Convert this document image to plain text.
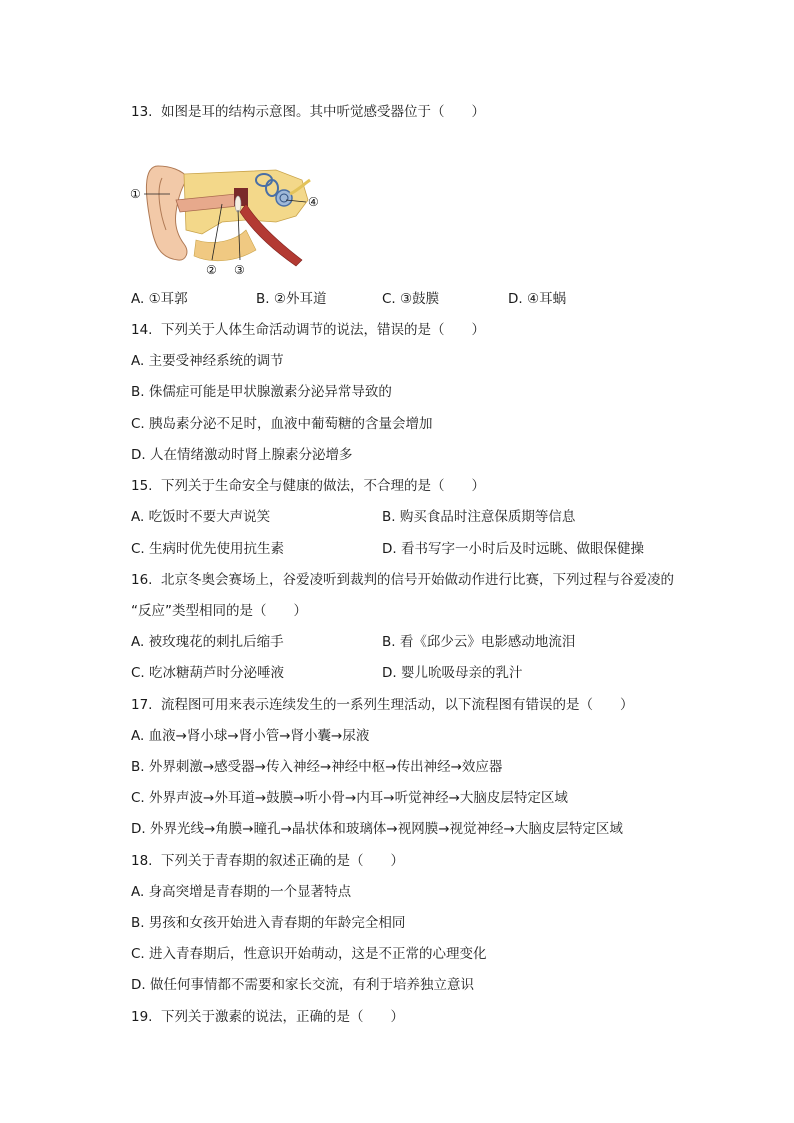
13. 如图是耳的结构示意图。其中听觉感受器位于（　　）
①
② ③
④
A. ①耳郭	B. ②外耳道	C. ③鼓膜	D. ④耳蜗
14. 下列关于人体生命活动调节的说法，错误的是（　　）
A. 主要受神经系统的调节
B. 侏儒症可能是甲状腺激素分泌异常导致的
C. 胰岛素分泌不足时，血液中葡萄糖的含量会增加
D. 人在情绪激动时肾上腺素分泌增多
15. 下列关于生命安全与健康的做法，不合理的是（　　）
A. 吃饭时不要大声说笑	B. 购买食品时注意保质期等信息
C. 生病时优先使用抗生素	D. 看书写字一小时后及时远眺、做眼保健操
16. 北京冬奥会赛场上，谷爱凌听到裁判的信号开始做动作进行比赛，下列过程与谷爱凌的
“反应”类型相同的是（　　）
A. 被玫瑰花的刺扎后缩手	B. 看《邱少云》电影感动地流泪
C. 吃冰糖葫芦时分泌唾液	D. 婴儿吮吸母亲的乳汁
17. 流程图可用来表示连续发生的一系列生理活动，以下流程图有错误的是（　　）
A. 血液→肾小球→肾小管→肾小囊→尿液
B. 外界刺激→感受器→传入神经→神经中枢→传出神经→效应器
C. 外界声波→外耳道→鼓膜→听小骨→内耳→听觉神经→大脑皮层特定区域
D. 外界光线→角膜→瞳孔→晶状体和玻璃体→视网膜→视觉神经→大脑皮层特定区域
18. 下列关于青春期的叙述正确的是（　　）
A. 身高突增是青春期的一个显著特点
B. 男孩和女孩开始进入青春期的年龄完全相同
C. 进入青春期后，性意识开始萌动，这是不正常的心理变化
D. 做任何事情都不需要和家长交流，有利于培养独立意识
19. 下列关于激素的说法，正确的是（　　）
